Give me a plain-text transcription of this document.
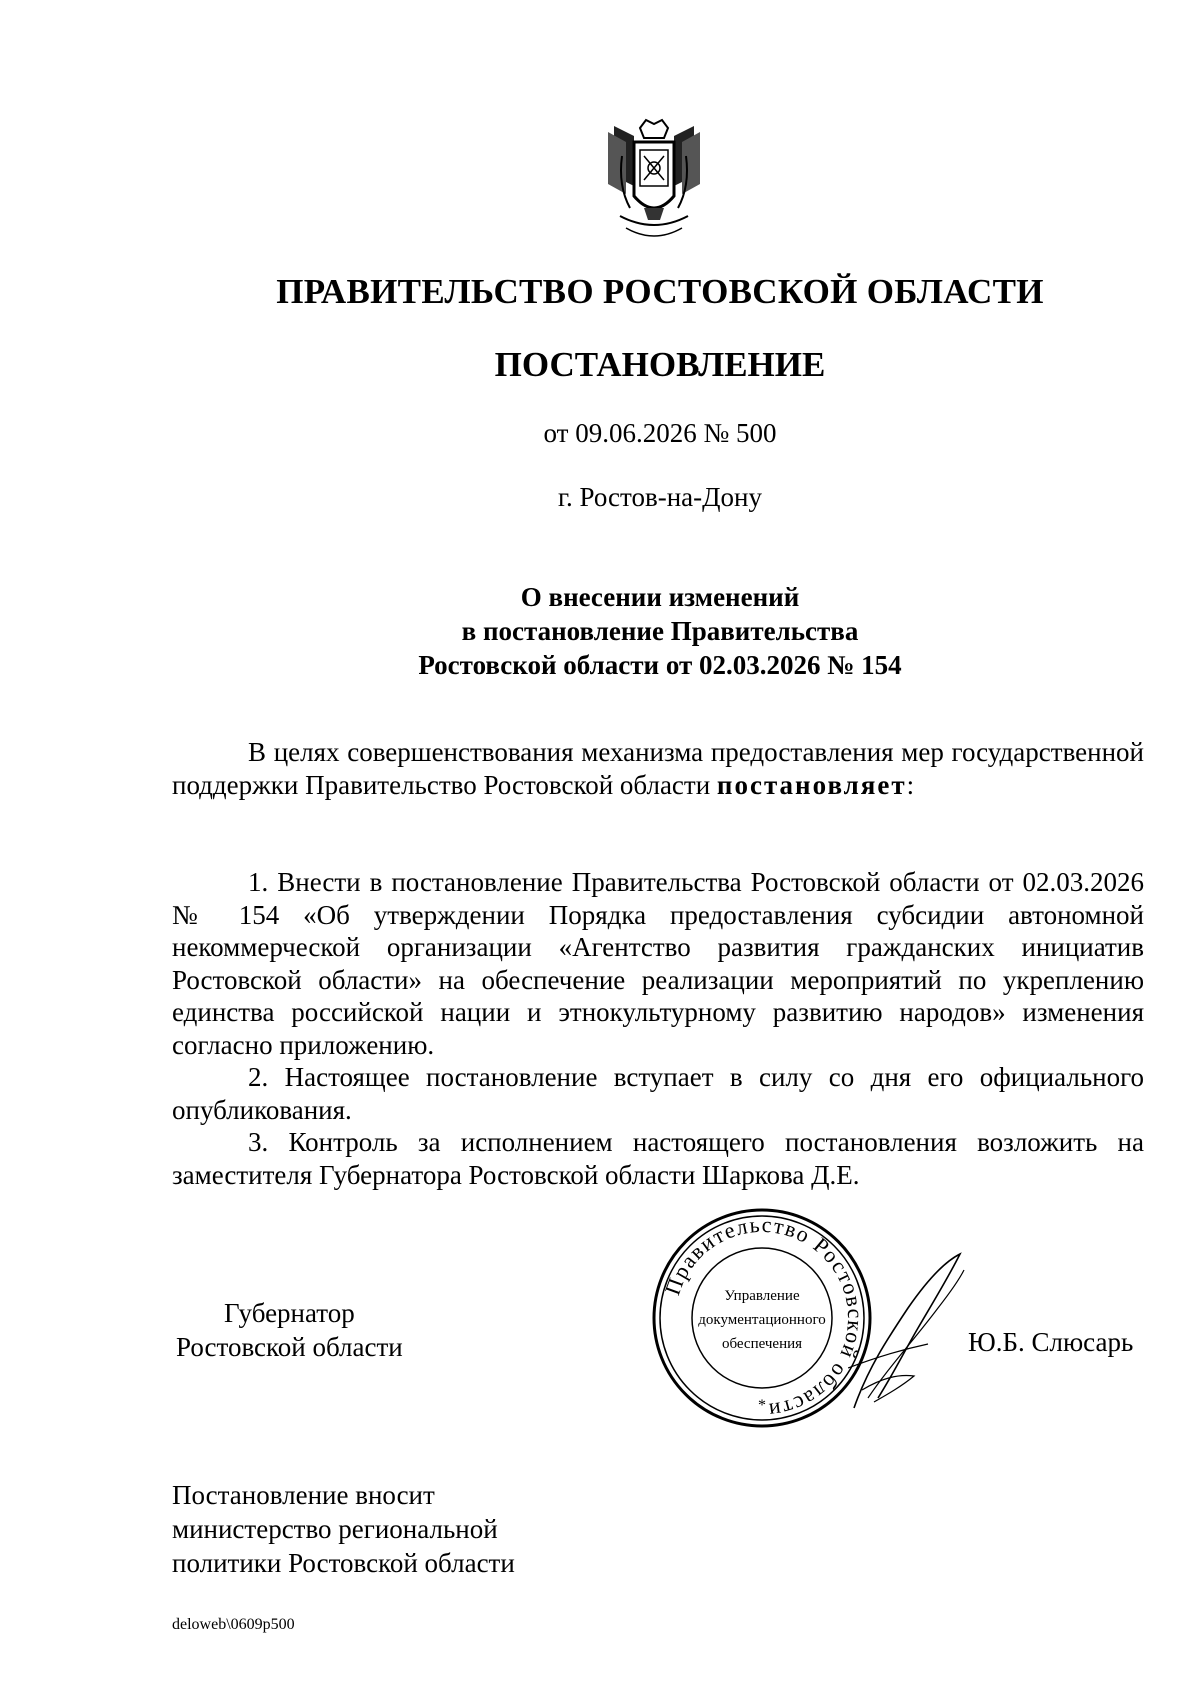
ПРАВИТЕЛЬСТВО РОСТОВСКОЙ ОБЛАСТИ
ПОСТАНОВЛЕНИЕ
от 09.06.2026 № 500
г. Ростов-на-Дону
О внесении изменений
в постановление Правительства
Ростовской области от 02.03.2026 № 154

В целях совершенствования механизма предоставления мер государственной поддержки Правительство Ростовской области постановляет:

1. Внести в постановление Правительства Ростовской области от 02.03.2026 № 154 «Об утверждении Порядка предоставления субсидии автономной некоммерческой организации «Агентство развития гражданских инициатив Ростовской области» на обеспечение реализации мероприятий по укреплению единства российской нации и этнокультурному развитию народов» изменения согласно приложению.

2. Настоящее постановление вступает в силу со дня его официального опубликования.

3. Контроль за исполнением настоящего постановления возложить на заместителя Губернатора Ростовской области Шаркова Д.Е.

Губернатор
Ростовской области
Правительство Ростовской области
*
Управление
документационного
обеспечения	Ю.Б. Слюсарь
Постановление вносит
министерство региональной
политики Ростовской области
deloweb\0609p500
